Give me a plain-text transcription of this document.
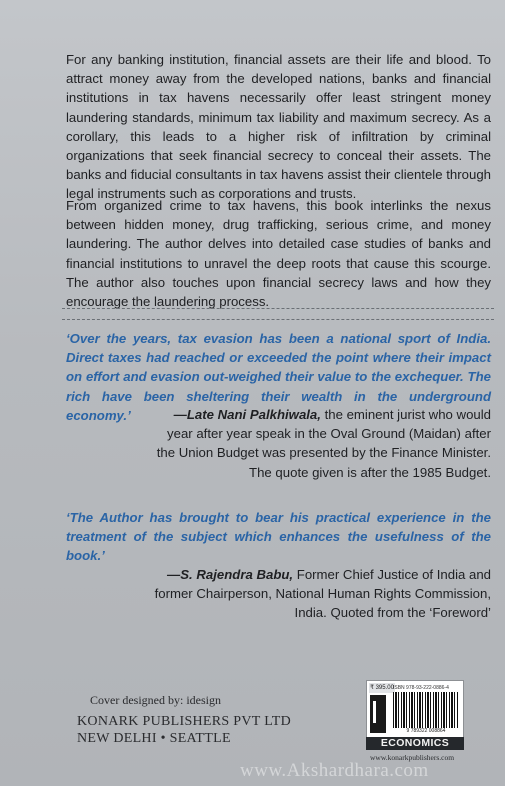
For any banking institution, financial assets are their life and blood. To attract money away from the developed nations, banks and financial institutions in tax havens necessarily offer least stringent money laundering standards, minimum tax liability and maximum secrecy. As a corollary, this leads to a higher risk of infiltration by criminal organizations that seek financial secrecy to conceal their assets. The banks and fiducial consultants in tax havens assist their clientele through legal instruments such as corporations and trusts.

From organized crime to tax havens, this book interlinks the nexus between hidden money, drug trafficking, serious crime, and money laundering. The author delves into detailed case studies of banks and financial institutions to unravel the deep roots that cause this scourge. The author also touches upon financial secrecy laws and how they encourage the laundering process.

‘Over the years, tax evasion has been a national sport of India. Direct taxes had reached or exceeded the point where their impact on effort and evasion out-weighed their value to the exchequer. The rich have been sheltering their wealth in the underground economy.’	—Late Nani Palkhiwala, the eminent jurist who would year after year speak in the Oval Ground (Maidan) after the Union Budget was presented by the Finance Minister. The quote given is after the 1985 Budget.

‘The Author has brought to bear his practical experience in the treatment of the subject which enhances the usefulness of the book.’

—S. Rajendra Babu, Former Chief Justice of India and former Chairperson, National Human Rights Commission, India. Quoted from the ‘Foreword’

Cover designed by: idesign
KONARK PUBLISHERS PVT LTD
NEW DELHI • SEATTLE
₹ 395.00 ISBN 978-93-222-0886-4
9 789322 008864
ECONOMICS
www.konarkpublishers.com
www.Akshardhara.com
